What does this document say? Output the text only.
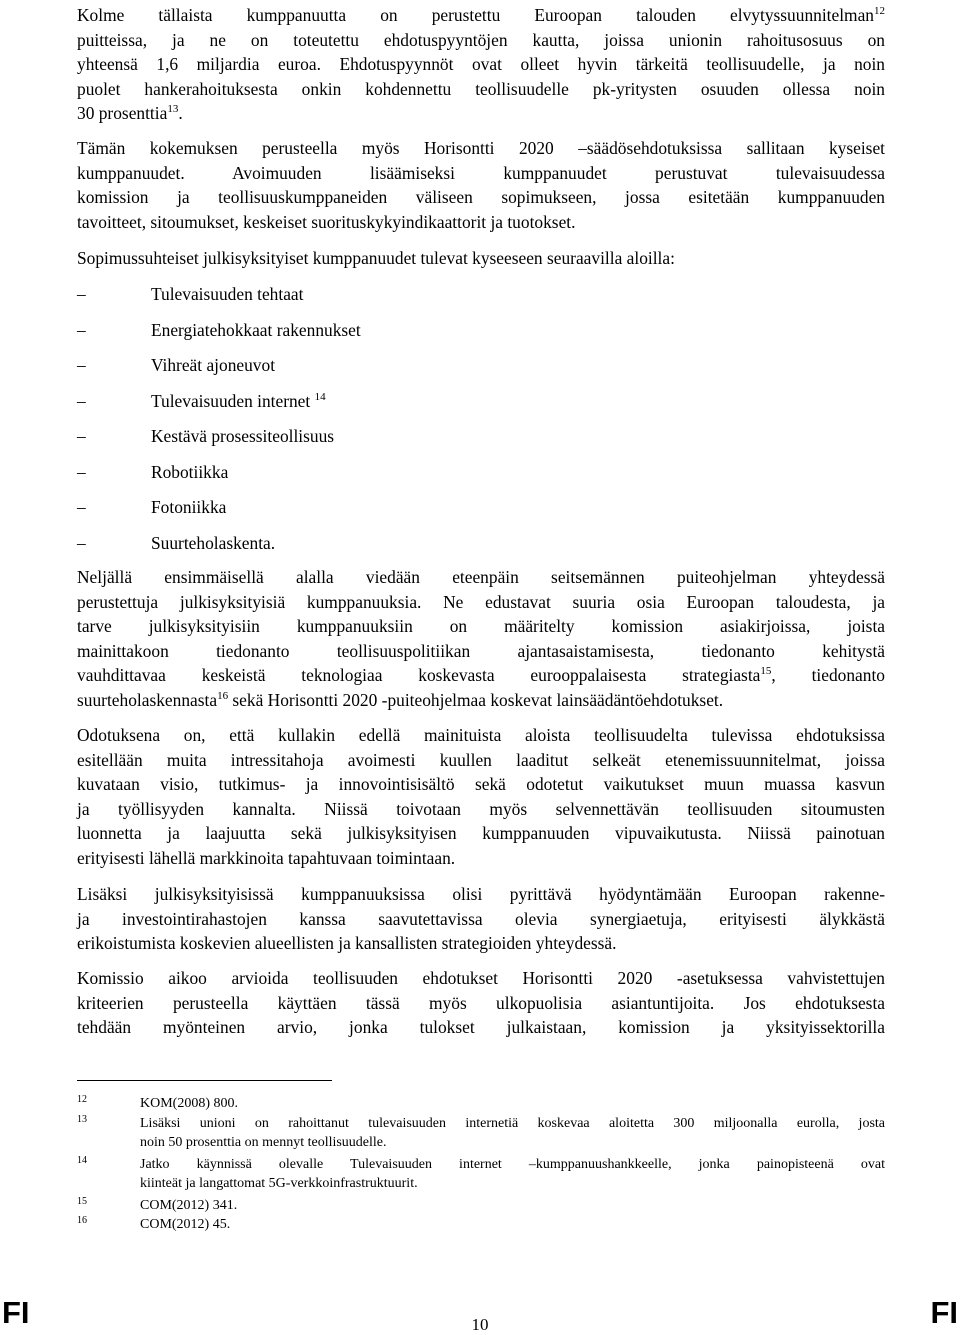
Kolme tällaista kumppanuutta on perustettu Euroopan talouden elvytyssuunnitelman$^{12}$
puitteissa, ja ne on toteutettu ehdotuspyyntöjen kautta, joissa unionin rahoitusosuus on
yhteensä 1,6 miljardia euroa. Ehdotuspyynnöt ovat olleet hyvin tärkeitä teollisuudelle, ja noin
puolet hankerahoituksesta onkin kohdennettu teollisuudelle pk-yritysten osuuden ollessa noin
30 prosenttia$^{13}$.
Tämän kokemuksen perusteella myös Horisontti 2020 –säädösehdotuksissa sallitaan kyseiset
kumppanuudet. Avoimuuden lisäämiseksi kumppanuudet perustuvat tulevaisuudessa
komission ja teollisuuskumppaneiden väliseen sopimukseen, jossa esitetään kumppanuuden
tavoitteet, sitoumukset, keskeiset suorituskykyindikaattorit ja tuotokset.
Sopimussuhteiset julkisyksityiset kumppanuudet tulevat kyseeseen seuraavilla aloilla:
–	Tulevaisuuden tehtaat
–	Energiatehokkaat rakennukset
–	Vihreät ajoneuvot
–	Tulevaisuuden internet $^{14}$
–	Kestävä prosessiteollisuus
–	Robotiikka
–	Fotoniikka
–	Suurteholaskenta.
Neljällä ensimmäisellä alalla viedään eteenpäin seitsemännen puiteohjelman yhteydessä
perustettuja julkisyksityisiä kumppanuuksia. Ne edustavat suuria osia Euroopan taloudesta, ja
tarve julkisyksityisiin kumppanuuksiin on määritelty komission asiakirjoissa, joista
mainittakoon tiedonanto teollisuuspolitiikan ajantasaistamisesta, tiedonanto kehitystä
vauhdittavaa keskeistä teknologiaa koskevasta eurooppalaisesta strategiasta$^{15}$, tiedonanto
suurteholaskennasta$^{16}$ sekä Horisontti 2020 -puiteohjelmaa koskevat lainsäädäntöehdotukset.
Odotuksena on, että kullakin edellä mainituista aloista teollisuudelta tulevissa ehdotuksissa
esitellään muita intressitahoja avoimesti kuullen laaditut selkeät etenemissuunnitelmat, joissa
kuvataan visio, tutkimus- ja innovointisisältö sekä odotetut vaikutukset muun muassa kasvun
ja työllisyyden kannalta. Niissä toivotaan myös selvennettävän teollisuuden sitoumusten
luonnetta ja laajuutta sekä julkisyksityisen kumppanuuden vipuvaikutusta. Niissä painotuan
erityisesti lähellä markkinoita tapahtuvaan toimintaan.
Lisäksi julkisyksityisissä kumppanuuksissa olisi pyrittävä hyödyntämään Euroopan rakenne-
ja investointirahastojen kanssa saavutettavissa olevia synergiaetuja, erityisesti älykkästä
erikoistumista koskevien alueellisten ja kansallisten strategioiden yhteydessä.
Komissio aikoo arvioida teollisuuden ehdotukset Horisontti 2020 -asetuksessa vahvistettujen
kriteerien perusteella käyttäen tässä myös ulkopuolisia asiantuntijoita. Jos ehdotuksesta
tehdään myönteinen arvio, jonka tulokset julkaistaan, komission ja yksityissektorilla
12	KOM(2008) 800.
13	Lisäksi unioni on rahoittanut tulevaisuuden internetiä koskevaa aloitetta 300 miljoonalla eurolla, josta
noin 50 prosenttia on mennyt teollisuudelle.
14	Jatko käynnissä olevalle Tulevaisuuden internet –kumppanuushankkeelle, jonka painopisteenä ovat
kiinteät ja langattomat 5G-verkkoinfrastruktuurit.
15	COM(2012) 341.
16	COM(2012) 45.
FI	10	FI
